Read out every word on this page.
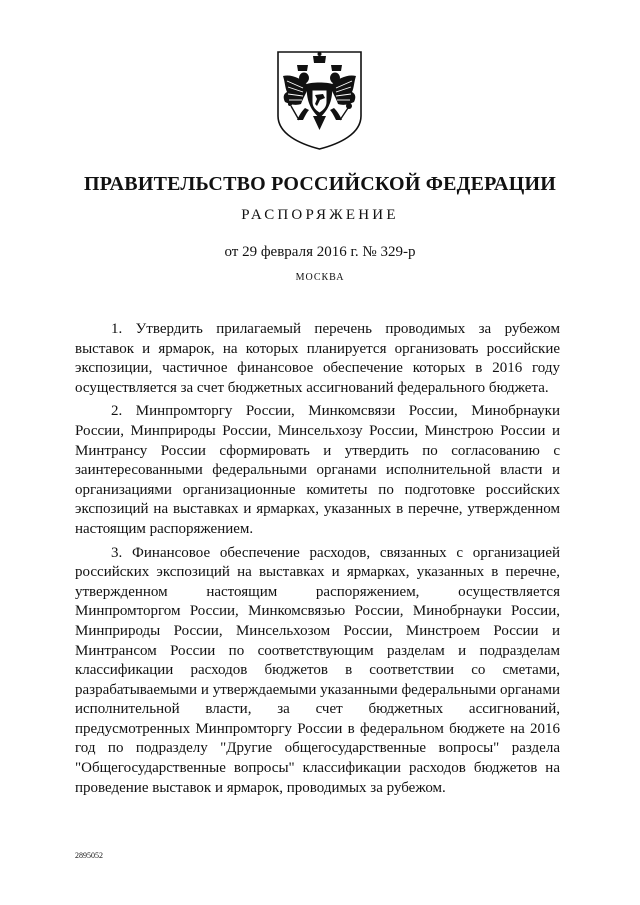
ПРАВИТЕЛЬСТВО РОССИЙСКОЙ ФЕДЕРАЦИИ
РАСПОРЯЖЕНИЕ
от 29 февраля 2016 г. № 329-р
МОСКВА

1. Утвердить прилагаемый перечень проводимых за рубежом выставок и ярмарок, на которых планируется организовать российские экспозиции, частичное финансовое обеспечение которых в 2016 году осуществляется за счет бюджетных ассигнований федерального бюджета.

2. Минпромторгу России, Минкомсвязи России, Минобрнауки России, Минприроды России, Минсельхозу России, Минстрою России и Минтрансу России сформировать и утвердить по согласованию с заинтересованными федеральными органами исполнительной власти и организациями организационные комитеты по подготовке российских экспозиций на выставках и ярмарках, указанных в перечне, утвержденном настоящим распоряжением.

3. Финансовое обеспечение расходов, связанных с организацией российских экспозиций на выставках и ярмарках, указанных в перечне, утвержденном настоящим распоряжением, осуществляется Минпромторгом России, Минкомсвязью России, Минобрнауки России, Минприроды России, Минсельхозом России, Минстроем России и Минтрансом России по соответствующим разделам и подразделам классификации расходов бюджетов в соответствии со сметами, разрабатываемыми и утверждаемыми указанными федеральными органами исполнительной власти, за счет бюджетных ассигнований, предусмотренных Минпромторгу России в федеральном бюджете на 2016 год по подразделу "Другие общегосударственные вопросы" раздела "Общегосударственные вопросы" классификации расходов бюджетов на проведение выставок и ярмарок, проводимых за рубежом.

2895052
